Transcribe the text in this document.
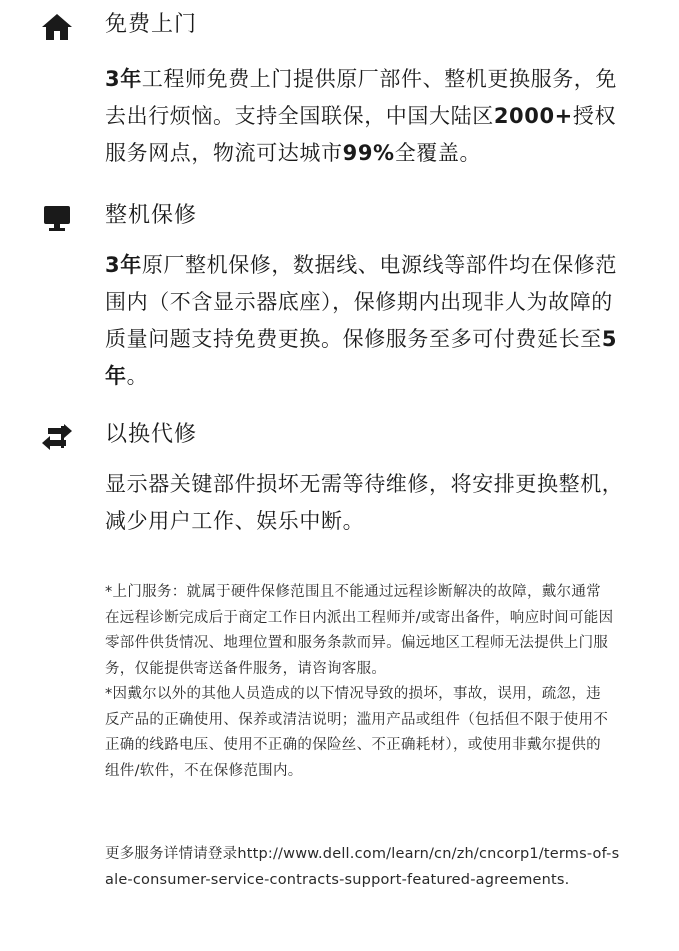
免费上门

3年工程师免费上门提供原厂部件、整机更换服务，免去出行烦恼。支持全国联保，中国大陆区2000+授权服务网点，物流可达城市99%全覆盖。

整机保修

3年原厂整机保修，数据线、电源线等部件均在保修范围内（不含显示器底座），保修期内出现非人为故障的质量问题支持免费更换。保修服务至多可付费延长至5年。

以换代修

显示器关键部件损坏无需等待维修，将安排更换整机，减少用户工作、娱乐中断。

*上门服务：就属于硬件保修范围且不能通过远程诊断解决的故障，戴尔通常在远程诊断完成后于商定工作日内派出工程师并/或寄出备件，响应时间可能因零部件供货情况、地理位置和服务条款而异。偏远地区工程师无法提供上门服务，仅能提供寄送备件服务，请咨询客服。

*因戴尔以外的其他人员造成的以下情况导致的损坏，事故，误用，疏忽，违反产品的正确使用、保养或清洁说明；滥用产品或组件（包括但不限于使用不正确的线路电压、使用不正确的保险丝、不正确耗材），或使用非戴尔提供的组件/软件，不在保修范围内。

更多服务详情请登录http://www.dell.com/learn/cn/zh/cncorp1/terms-of-sale-consumer-service-contracts-support-featured-agreements.
